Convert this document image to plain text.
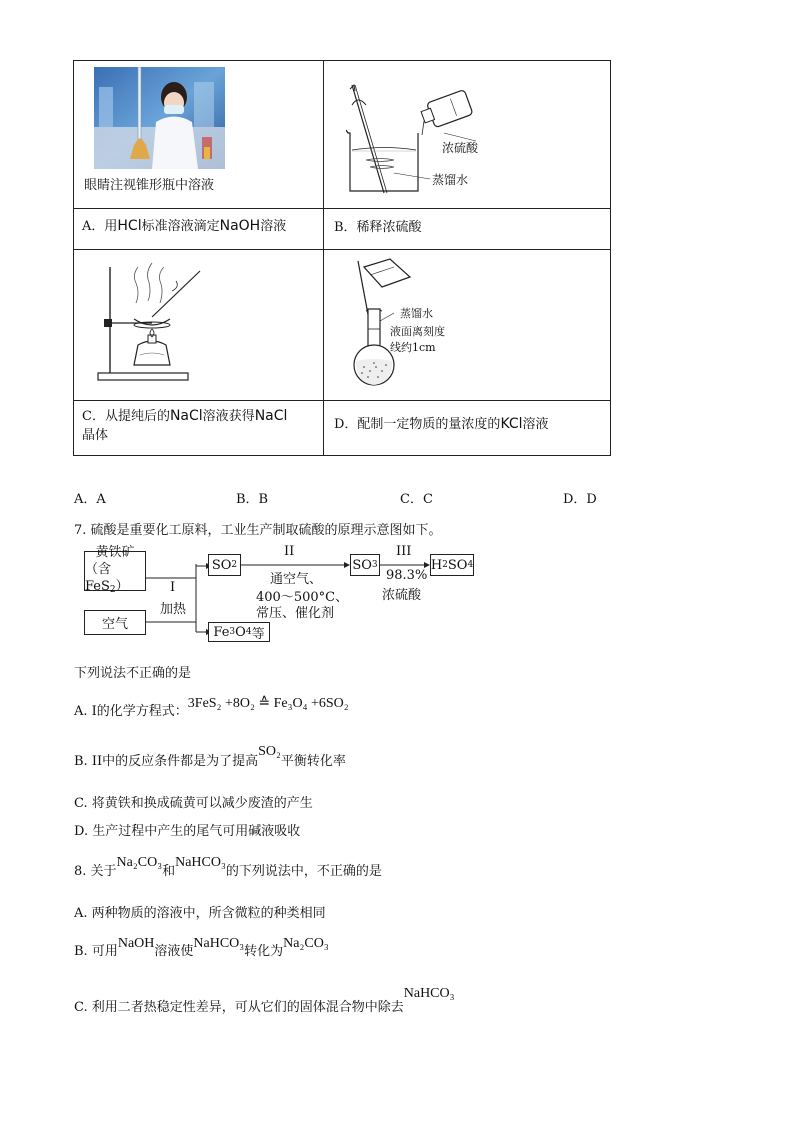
眼睛注视锥形瓶中溶液
浓硫酸
蒸馏水
A．用HCl标准溶液滴定NaOH溶液	B．稀释浓硫酸
蒸馏水
液面离刻度
线约1cm
C．从提纯后的NaCl溶液获得NaCl
晶体
D．配制一定物质的量浓度的KCl溶液
A．A	B．B	C．C	D．D
7. 硫酸是重要化工原料，工业生产制取硫酸的原理示意图如下。
黄铁矿
（含FeS$_2$）
空气
I
加热
SO 2
Fe 3 O 4 等
II
通空气、
400～500°C、
常压、催化剂
SO 3
III
98.3%
浓硫酸
H 2 SO 4
下列说法不正确的是
A. I的化学方程式：3FeS₂ +8O₂ ≙ Fe₃O₄ +6SO₂
B. II中的反应条件都是为了提高SO₂平衡转化率
C. 将黄铁和换成硫黄可以减少废渣的产生
D. 生产过程中产生的尾气可用碱液吸收
8. 关于Na₂CO₃和NaHCO₃的下列说法中，不正确的是
A. 两种物质的溶液中，所含微粒的种类相同
B. 可用NaOH溶液使NaHCO₃转化为Na₂CO₃
C. 利用二者热稳定性差异，可从它们的固体混合物中除去NaHCO₃
